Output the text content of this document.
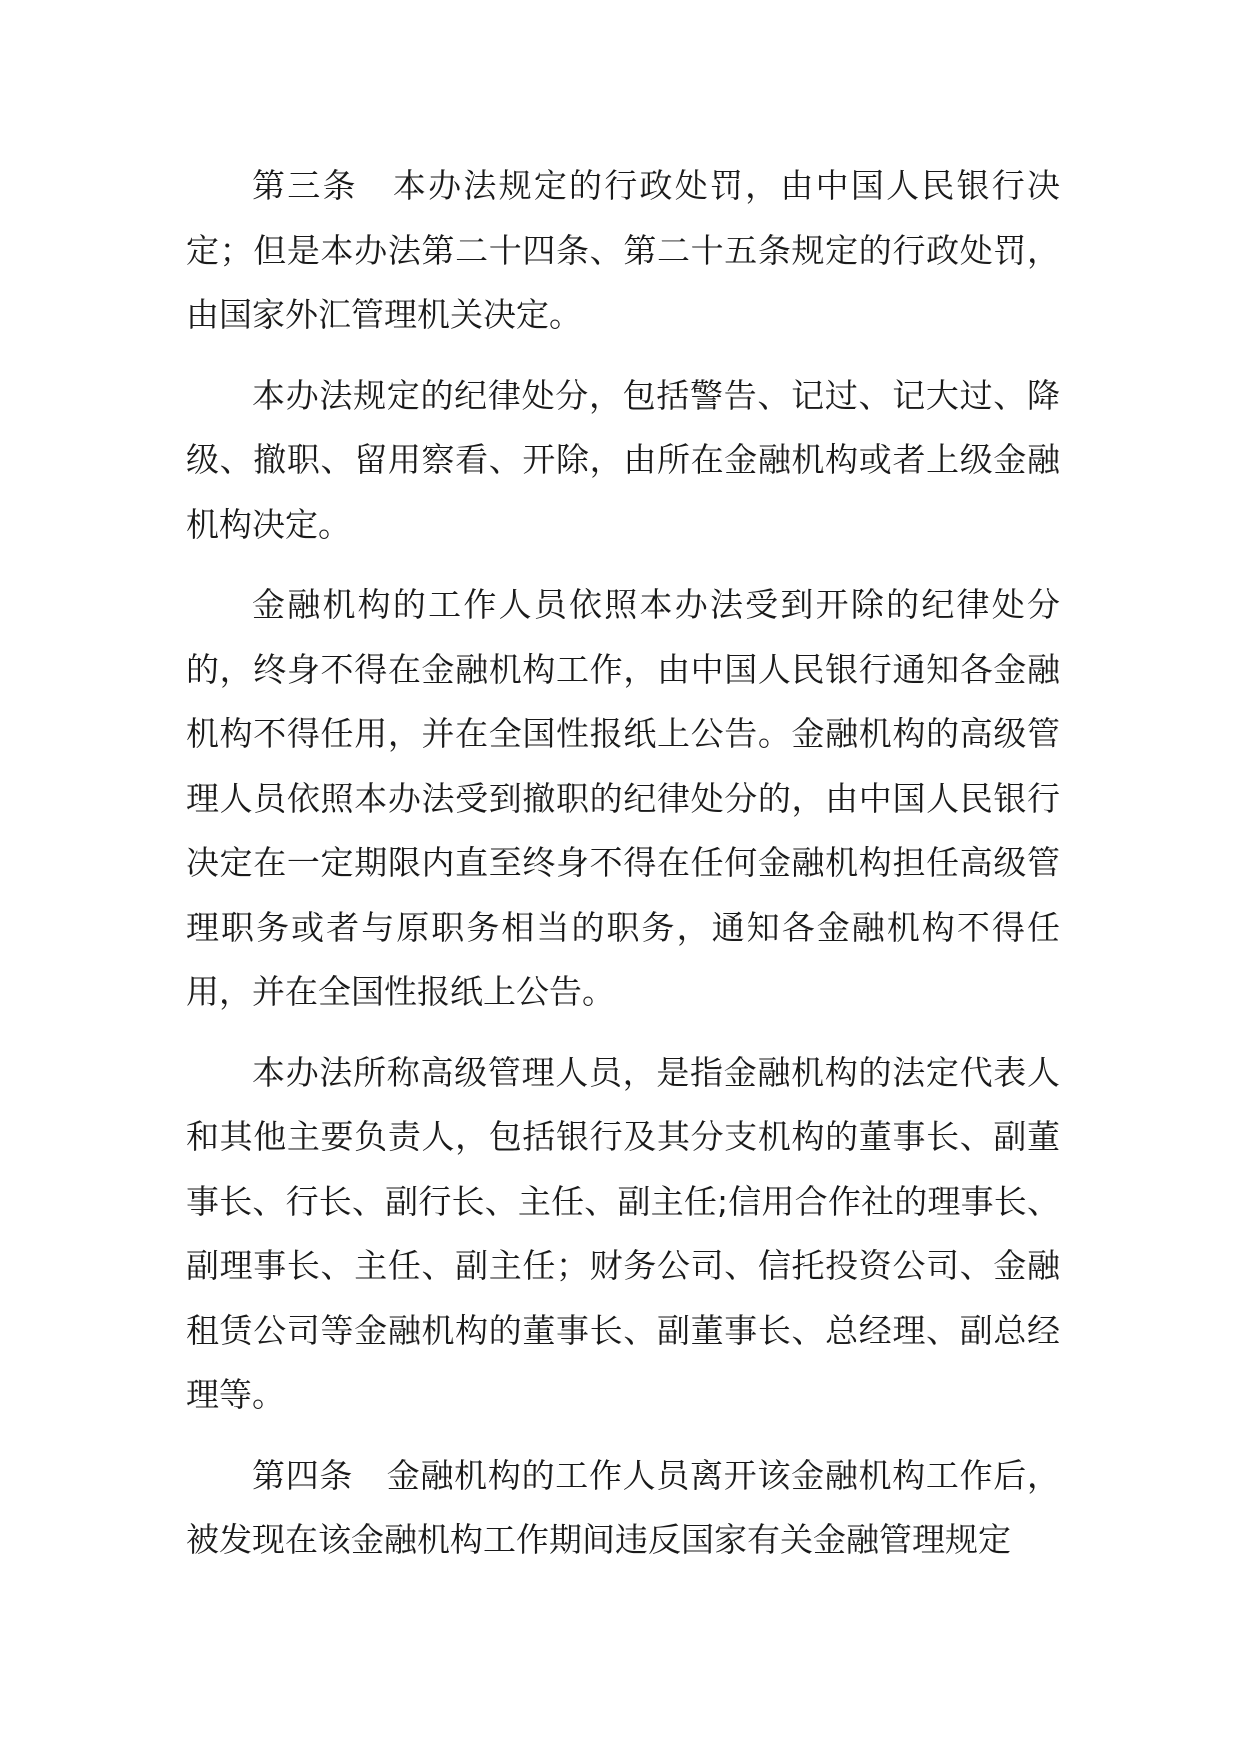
第三条　本办法规定的行政处罚，由中国人民银行决定；但是本办法第二十四条、第二十五条规定的行政处罚，由国家外汇管理机关决定。

本办法规定的纪律处分，包括警告、记过、记大过、降级、撤职、留用察看、开除，由所在金融机构或者上级金融机构决定。

金融机构的工作人员依照本办法受到开除的纪律处分的，终身不得在金融机构工作，由中国人民银行通知各金融机构不得任用，并在全国性报纸上公告。金融机构的高级管理人员依照本办法受到撤职的纪律处分的，由中国人民银行决定在一定期限内直至终身不得在任何金融机构担任高级管理职务或者与原职务相当的职务，通知各金融机构不得任用，并在全国性报纸上公告。

本办法所称高级管理人员，是指金融机构的法定代表人和其他主要负责人，包括银行及其分支机构的董事长、副董事长、行长、副行长、主任、副主任;信用合作社的理事长、副理事长、主任、副主任；财务公司、信托投资公司、金融租赁公司等金融机构的董事长、副董事长、总经理、副总经理等。

第四条　金融机构的工作人员离开该金融机构工作后，被发现在该金融机构工作期间违反国家有关金融管理规定
